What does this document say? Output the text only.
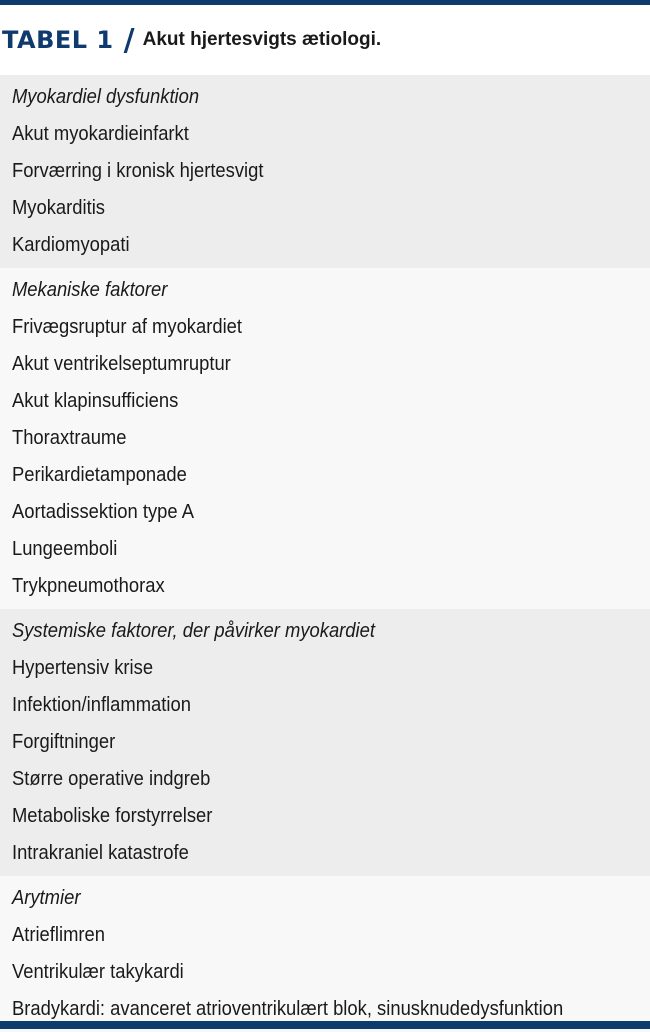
TABEL 1 / Akut hjertesvigts ætiologi.
Myokardiel dysfunktion
Akut myokardieinfarkt
Forværring i kronisk hjertesvigt
Myokarditis
Kardiomyopati
Mekaniske faktorer
Frivægsruptur af myokardiet
Akut ventrikelseptumruptur
Akut klapinsufficiens
Thoraxtraume
Perikardietamponade
Aortadissektion type A
Lungeemboli
Trykpneumothorax
Systemiske faktorer, der påvirker myokardiet
Hypertensiv krise
Infektion/inflammation
Forgiftninger
Større operative indgreb
Metaboliske forstyrrelser
Intrakraniel katastrofe
Arytmier
Atrieflimren
Ventrikulær takykardi
Bradykardi: avanceret atrioventrikulært blok, sinusknudedysfunktion
